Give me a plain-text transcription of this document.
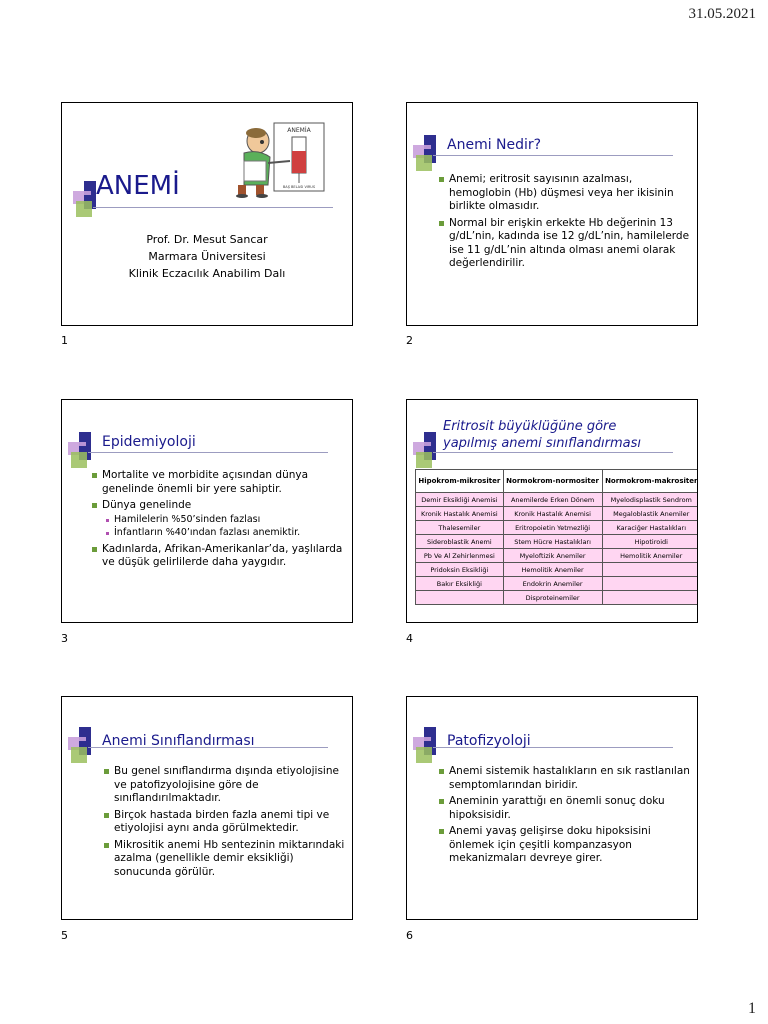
31.05.2021
ANEMİ
ANEMİA
BAŞ BELASI VIRUS
Prof. Dr. Mesut Sancar
Marmara Üniversitesi
Klinik Eczacılık Anabilim Dalı
1
Anemi Nedir?
Anemi; eritrosit sayısının azalması, hemoglobin (Hb) düşmesi veya her ikisinin birlikte olmasıdır.
Normal bir erişkin erkekte Hb değerinin 13 g/dL’nin, kadında ise 12 g/dL’nin, hamilelerde ise 11 g/dL’nin altında olması anemi olarak değerlendirilir.
2
Epidemiyoloji
Mortalite ve morbidite açısından dünya genelinde önemli bir yere sahiptir.
Dünya genelinde
Hamilelerin %50’sinden fazlası
İnfantların %40’ından fazlası anemiktir.
Kadınlarda, Afrikan-Amerikanlar’da, yaşlılarda ve düşük gelirlilerde daha yaygıdır.
3
Eritrosit büyüklüğüne göre
yapılmış anemi sınıflandırması
Hipokrom-mikrositer	Normokrom-normositer	Normokrom-makrositer
Demir Eksikliği Anemisi	Anemilerde Erken Dönem	Myelodisplastik Sendrom
Kronik Hastalık Anemisi	Kronik Hastalık Anemisi	Megaloblastik Anemiler
Thalesemiler	Eritropoietin Yetmezliği	Karaciğer Hastalıkları
Sideroblastik Anemi	Stem Hücre Hastalıkları	Hipotiroidi
Pb Ve Al Zehirlenmesi	Myeloftizik Anemiler	Hemolitik Anemiler
Pridoksin Eksikliği	Hemolitik Anemiler	
Bakır Eksikliği	Endokrin Anemiler	
	Disproteinemiler	
4
Anemi Sınıflandırması
Bu genel sınıflandırma dışında etiyolojisine ve patofizyolojisine göre de sınıflandırılmaktadır.
Birçok hastada birden fazla anemi tipi ve etiyolojisi aynı anda görülmektedir.
Mikrositik anemi Hb sentezinin miktarındaki azalma (genellikle demir eksikliği) sonucunda görülür.
5
Patofizyoloji
Anemi sistemik hastalıkların en sık rastlanılan semptomlarından biridir.
Aneminin yarattığı en önemli sonuç doku hipoksisidir.
Anemi yavaş gelişirse doku hipoksisini önlemek için çeşitli kompanzasyon mekanizmaları devreye girer.
6
1
